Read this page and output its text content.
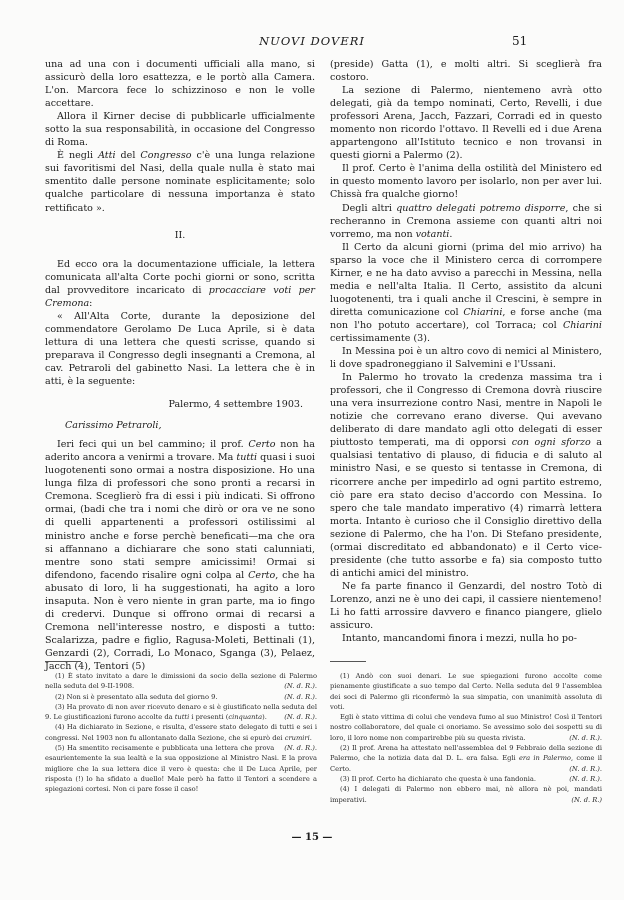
NUOVI DOVERI	51

una ad una con i documenti ufficiali alla mano, si assicurò della loro esattezza, e le portò alla Camera. L'on. Marcora fece lo schizzinoso e non le volle accettare.

Allora il Kirner decise di pubblicarle ufficialmente sotto la sua responsabilità, in occasione del Congresso di Roma.

È negli Atti del Congresso c'è una lunga relazione sui favoritismi del Nasi, della quale nulla è stato mai smentito dalle persone nominate esplicitamente; solo qualche particolare di nessuna importanza è stato rettificato ».

II.

Ed ecco ora la documentazione ufficiale, la lettera comunicata all'alta Corte pochi giorni or sono, scritta dal provveditore incaricato di procacciare voti per Cremona:

« All'Alta Corte, durante la deposizione del commendatore Gerolamo De Luca Aprile, si è data lettura di una lettera che questi scrisse, quando si preparava il Congresso degli insegnanti a Cremona, al cav. Petraroli del gabinetto Nasi. La lettera che è in atti, è la seguente:

Palermo, 4 settembre 1903.

Carissimo Petraroli,

Ieri feci qui un bel cammino; il prof. Certo non ha aderito ancora a venirmi a trovare. Ma tutti quasi i suoi luogotenenti sono ormai a nostra disposizione. Ho una lunga filza di professori che sono pronti a recarsi in Cremona. Sceglierò fra di essi i più indicati. Si offrono ormai, (badi che tra i nomi che dirò or ora ve ne sono di quelli appartenenti a professori ostilissimi al ministro anche e forse perchè beneficati—ma che ora si affannano a dichiarare che sono stati calunniati, mentre sono stati sempre amicissimi! Ormai si difendono, facendo risalire ogni colpa al Certo, che ha abusato di loro, li ha suggestionati, ha agito a loro insaputa. Non è vero niente in gran parte, ma io fingo di credervi. Dunque si offrono ormai di recarsi a Cremona nell'interesse nostro, e disposti a tutto: Scalarizza, padre e figlio, Ragusa-Moleti, Bettinali (1), Genzardi (2), Corradi, Lo Monaco, Sganga (3), Pelaez, Jacch (4), Tentori (5)

(preside) Gatta (1), e molti altri. Si sceglierà fra costoro.

La sezione di Palermo, nientemeno avrà otto delegati, già da tempo nominati, Certo, Revelli, i due professori Arena, Jacch, Fazzari, Corradi ed in questo momento non ricordo l'ottavo. Il Revelli ed i due Arena appartengono all'Istituto tecnico e non trovansi in questi giorni a Palermo (2).

Il prof. Certo è l'anima della ostilità del Ministero ed in questo momento lavoro per isolarlo, non per aver lui. Chissà fra qualche giorno!

Degli altri quattro delegati potremo disporre, che si recheranno in Cremona assieme con quanti altri noi vorremo, ma non votanti.

Il Certo da alcuni giorni (prima del mio arrivo) ha sparso la voce che il Ministero cerca di corrompere Kirner, e ne ha dato avviso a parecchi in Messina, nella media e nell'alta Italia. Il Certo, assistito da alcuni luogotenenti, tra i quali anche il Crescini, è sempre in diretta comunicazione col Chiarini, e forse anche (ma non l'ho potuto accertare), col Torraca; col Chiarini certissimamente (3).

In Messina poi è un altro covo di nemici al Ministero, li dove spadroneggiano il Salvemini e l'Ussani.

In Palermo ho trovato la credenza massima tra i professori, che il Congresso di Cremona dovrà riuscire una vera insurrezione contro Nasi, mentre in Napoli le notizie che correvano erano diverse. Qui avevano deliberato di dare mandato agli otto delegati di esser piuttosto temperati, ma di opporsi con ogni sforzo a qualsiasi tentativo di plauso, di fiducia e di saluto al ministro Nasi, e se questo si tentasse in Cremona, di ricorrere anche per impedirlo ad ogni partito estremo, ciò pare era stato deciso d'accordo con Messina. Io spero che tale mandato imperativo (4) rimarrà lettera morta. Intanto è curioso che il Consiglio direttivo della sezione di Palermo, che ha l'on. Di Stefano presidente, (ormai discreditato ed abbandonato) e il Certo vice-presidente (che tutto assorbe e fa) sia composto tutto di antichi amici del ministro.

Ne fa parte financo il Genzardi, del nostro Totò di Lorenzo, anzi ne è uno dei capi, il cassiere nientemeno! Li ho fatti arrossire davvero e financo piangere, glielo assicuro.

Intanto, mancandomi finora i mezzi, nulla ho po-

(1) È stato invitato a dare le dimissioni da socio della sezione di Palermo nella seduta del 9-II-1908.	(N. d. R.).

(2) Non si è presentato alla seduta del giorno 9.	(N. d. R.).

(3) Ha provato di non aver ricevuto denaro e si è giustificato nella seduta del 9. Le giustificazioni furono accolte da tutti i presenti (cinquanta).	(N. d. R.).

(4) Ha dichiarato in Sezione, e risulta, d'essere stato delegato di tutti e sei i congressi. Nel 1903 non fu allontanato dalla Sezione, che si epurò dei crumiri.
(N. d. R.).

(5) Ha smentito recisamente e pubblicata una lettera che prova esaurientemente la sua lealtà e la sua opposizione al Ministro Nasi. E la prova migliore che la sua lettera dice il vero è questa: che il De Luca Aprile, per risposta (!) lo ha sfidato a duello! Male però ha fatto il Tentori a scendere a spiegazioni cortesi. Non ci pare fosse il caso!

(1) Andò con suoi denari. Le sue spiegazioni furono accolte come pienamente giustificate a suo tempo dal Certo. Nella seduta del 9 l'assemblea dei soci di Palermo gli riconfermò la sua simpatia, con unanimità assoluta di voti.

Egli è stato vittima di colui che vendeva fumo al suo Ministro! Così il Tentori nostro collaboratore, del quale ci onoriamo. Se avessimo solo dei sospetti su di loro, il loro nome non comparirebbe più su questa rivista.	(N. d. R.).

(2) Il prof. Arena ha attestato nell'assemblea del 9 Febbraio della sezione di Palermo, che la notizia data dal D. L. era falsa. Egli era in Palermo, come il Certo.	(N. d. R.).

(3) Il prof. Certo ha dichiarato che questa è una fandonia.	(N. d. R.).

(4) I delegati di Palermo non ebbero mai, nè allora nè poi, mandati imperativi.	(N. d. R.)

— 15 —
